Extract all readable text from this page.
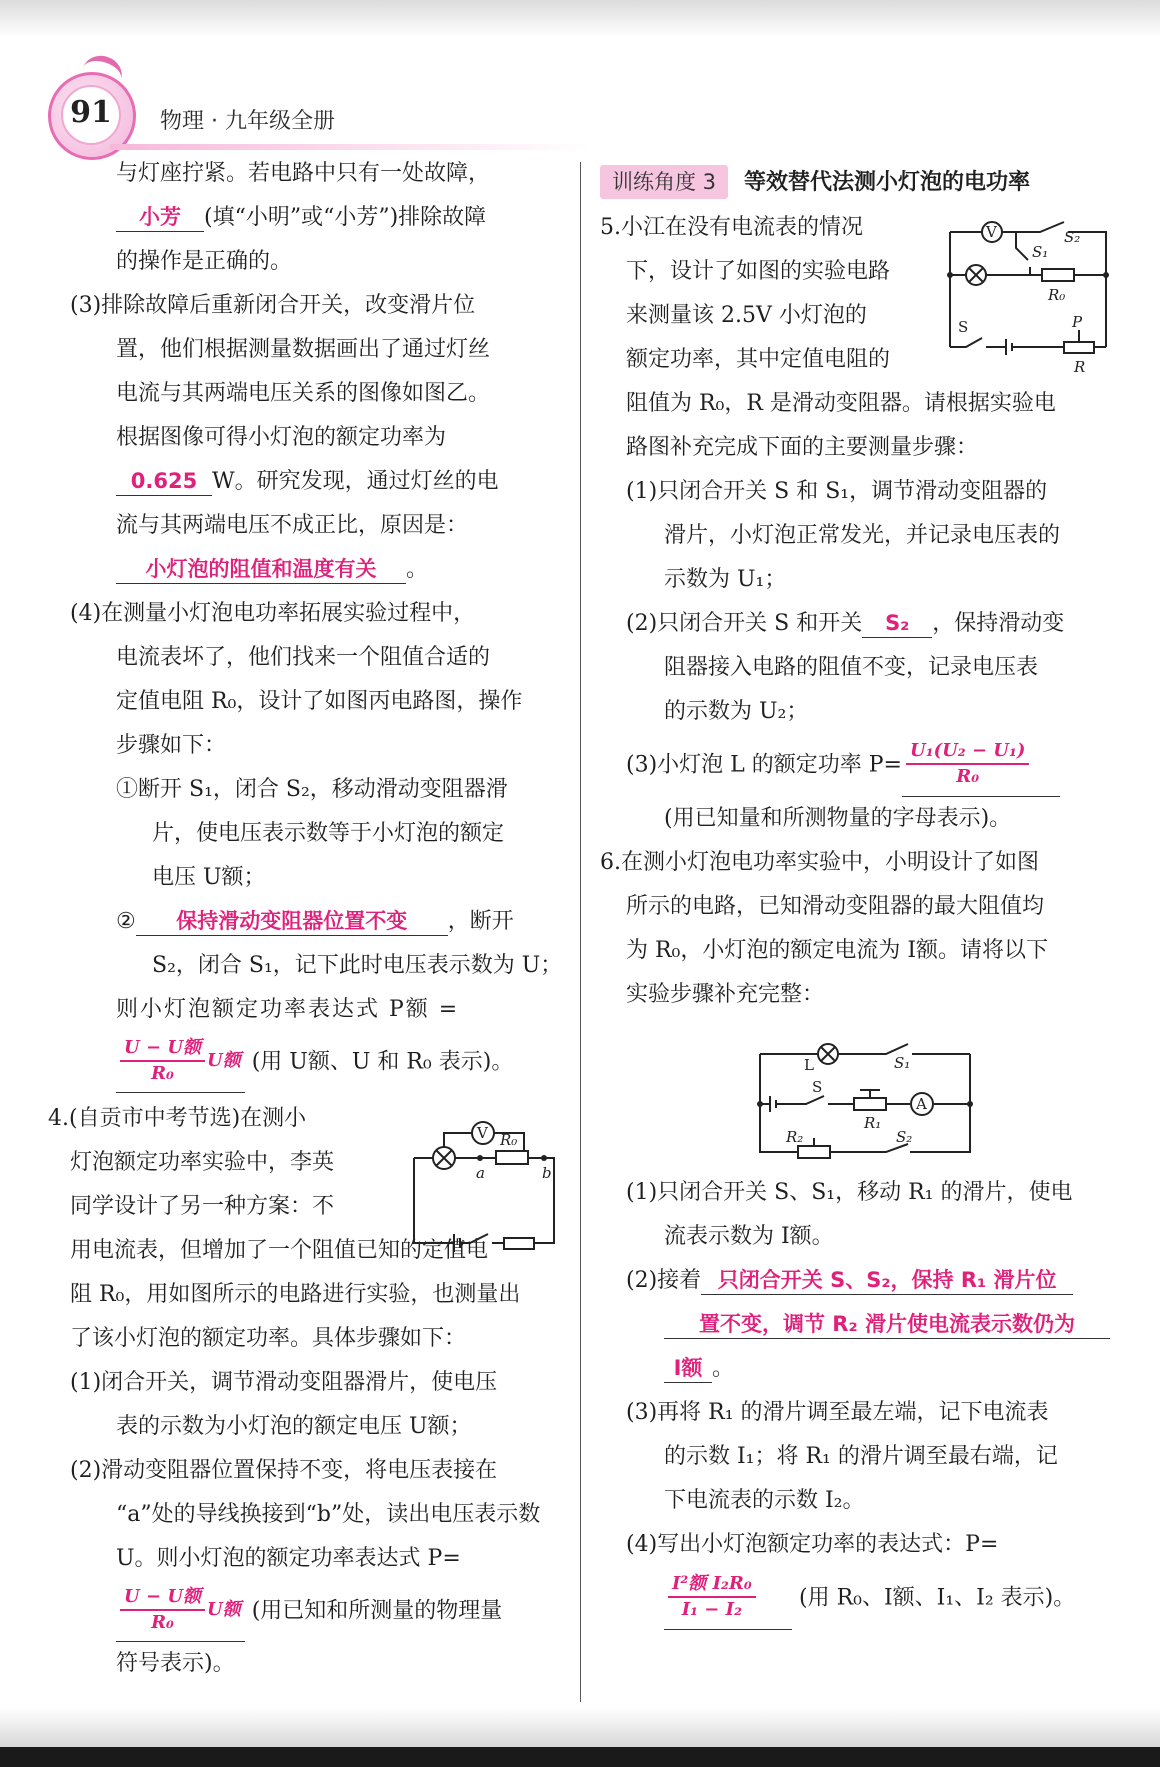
91	物理 · 九年级全册

与灯座拧紧。若电路中只有一处故障，

小芳 (填“小明”或“小芳”)排除故障

的操作是正确的。

(3)排除故障后重新闭合开关，改变滑片位

置，他们根据测量数据画出了通过灯丝

电流与其两端电压关系的图像如图乙。

根据图像可得小灯泡的额定功率为

0.625 W。研究发现，通过灯丝的电

流与其两端电压不成正比，原因是：

小灯泡的阻值和温度有关 。

(4)在测量小灯泡电功率拓展实验过程中，

电流表坏了，他们找来一个阻值合适的

定值电阻 R₀，设计了如图丙电路图，操作

步骤如下：

①断开 S₁，闭合 S₂，移动滑动变阻器滑

片，使电压表示数等于小灯泡的额定

电压 U额；

② 保持滑动变阻器位置不变 ，断开

S₂，闭合 S₁，记下此时电压表示数为 U；

则小灯泡额定功率表达式 P额 =

$\frac{\text{U − U额}}{\text{R₀}}$ U额 (用 U额、U 和 R₀ 表示)。

4.(自贡市中考节选)在测小

灯泡额定功率实验中，李英

同学设计了另一种方案：不

用电流表，但增加了一个阻值已知的定值电

阻 R₀，用如图所示的电路进行实验，也测量出

了该小灯泡的额定功率。具体步骤如下：

(1)闭合开关，调节滑动变阻器滑片，使电压

表的示数为小灯泡的额定电压 U额；

(2)滑动变阻器位置保持不变，将电压表接在

“a”处的导线换接到“b”处，读出电压表示数

U。则小灯泡的额定功率表达式 P=

$\frac{\text{U − U额}}{\text{R₀}}$ U额 (用已知和所测量的物理量

符号表示)。

V R₀
a	b

训练角度 3 等效替代法测小灯泡的电功率

5.小江在没有电流表的情况

下，设计了如图的实验电路

来测量该 2.5V 小灯泡的

额定功率，其中定值电阻的

阻值为 R₀，R 是滑动变阻器。请根据实验电

路图补充完成下面的主要测量步骤：

(1)只闭合开关 S 和 S₁，调节滑动变阻器的

滑片，小灯泡正常发光，并记录电压表的

示数为 U₁；

(2)只闭合开关 S 和开关 S₂ ，保持滑动变

阻器接入电路的阻值不变，记录电压表

的示数为 U₂；

(3)小灯泡 L 的额定功率 $P= \frac{\text{U₁(U₂ − U₁)}}{\text{R₀}}$

(用已知量和所测物量的字母表示)。

6.在测小灯泡电功率实验中，小明设计了如图

所示的电路，已知滑动变阻器的最大阻值均

为 R₀，小灯泡的额定电流为 I额。请将以下

实验步骤补充完整：

(1)只闭合开关 S、S₁，移动 R₁ 的滑片，使电

流表示数为 I额。

(2)接着 只闭合开关 S、S₂，保持 R₁ 滑片位

置不变，调节 R₂ 滑片使电流表示数仍为

I额 。

(3)再将 R₁ 的滑片调至最左端，记下电流表

的示数 I₁；将 R₁ 的滑片调至最右端，记

下电流表的示数 I₂。

(4)写出小灯泡额定功率的表达式：P=

$\frac{\text{I²额 I₂R₀}}{\text{I₁ − I₂}}$ (用 R₀、I额、I₁、I₂ 表示)。

V	S₂
S₁
R₀
S	P
R
L	S₁
S
R₁
A
R₂	S₂
